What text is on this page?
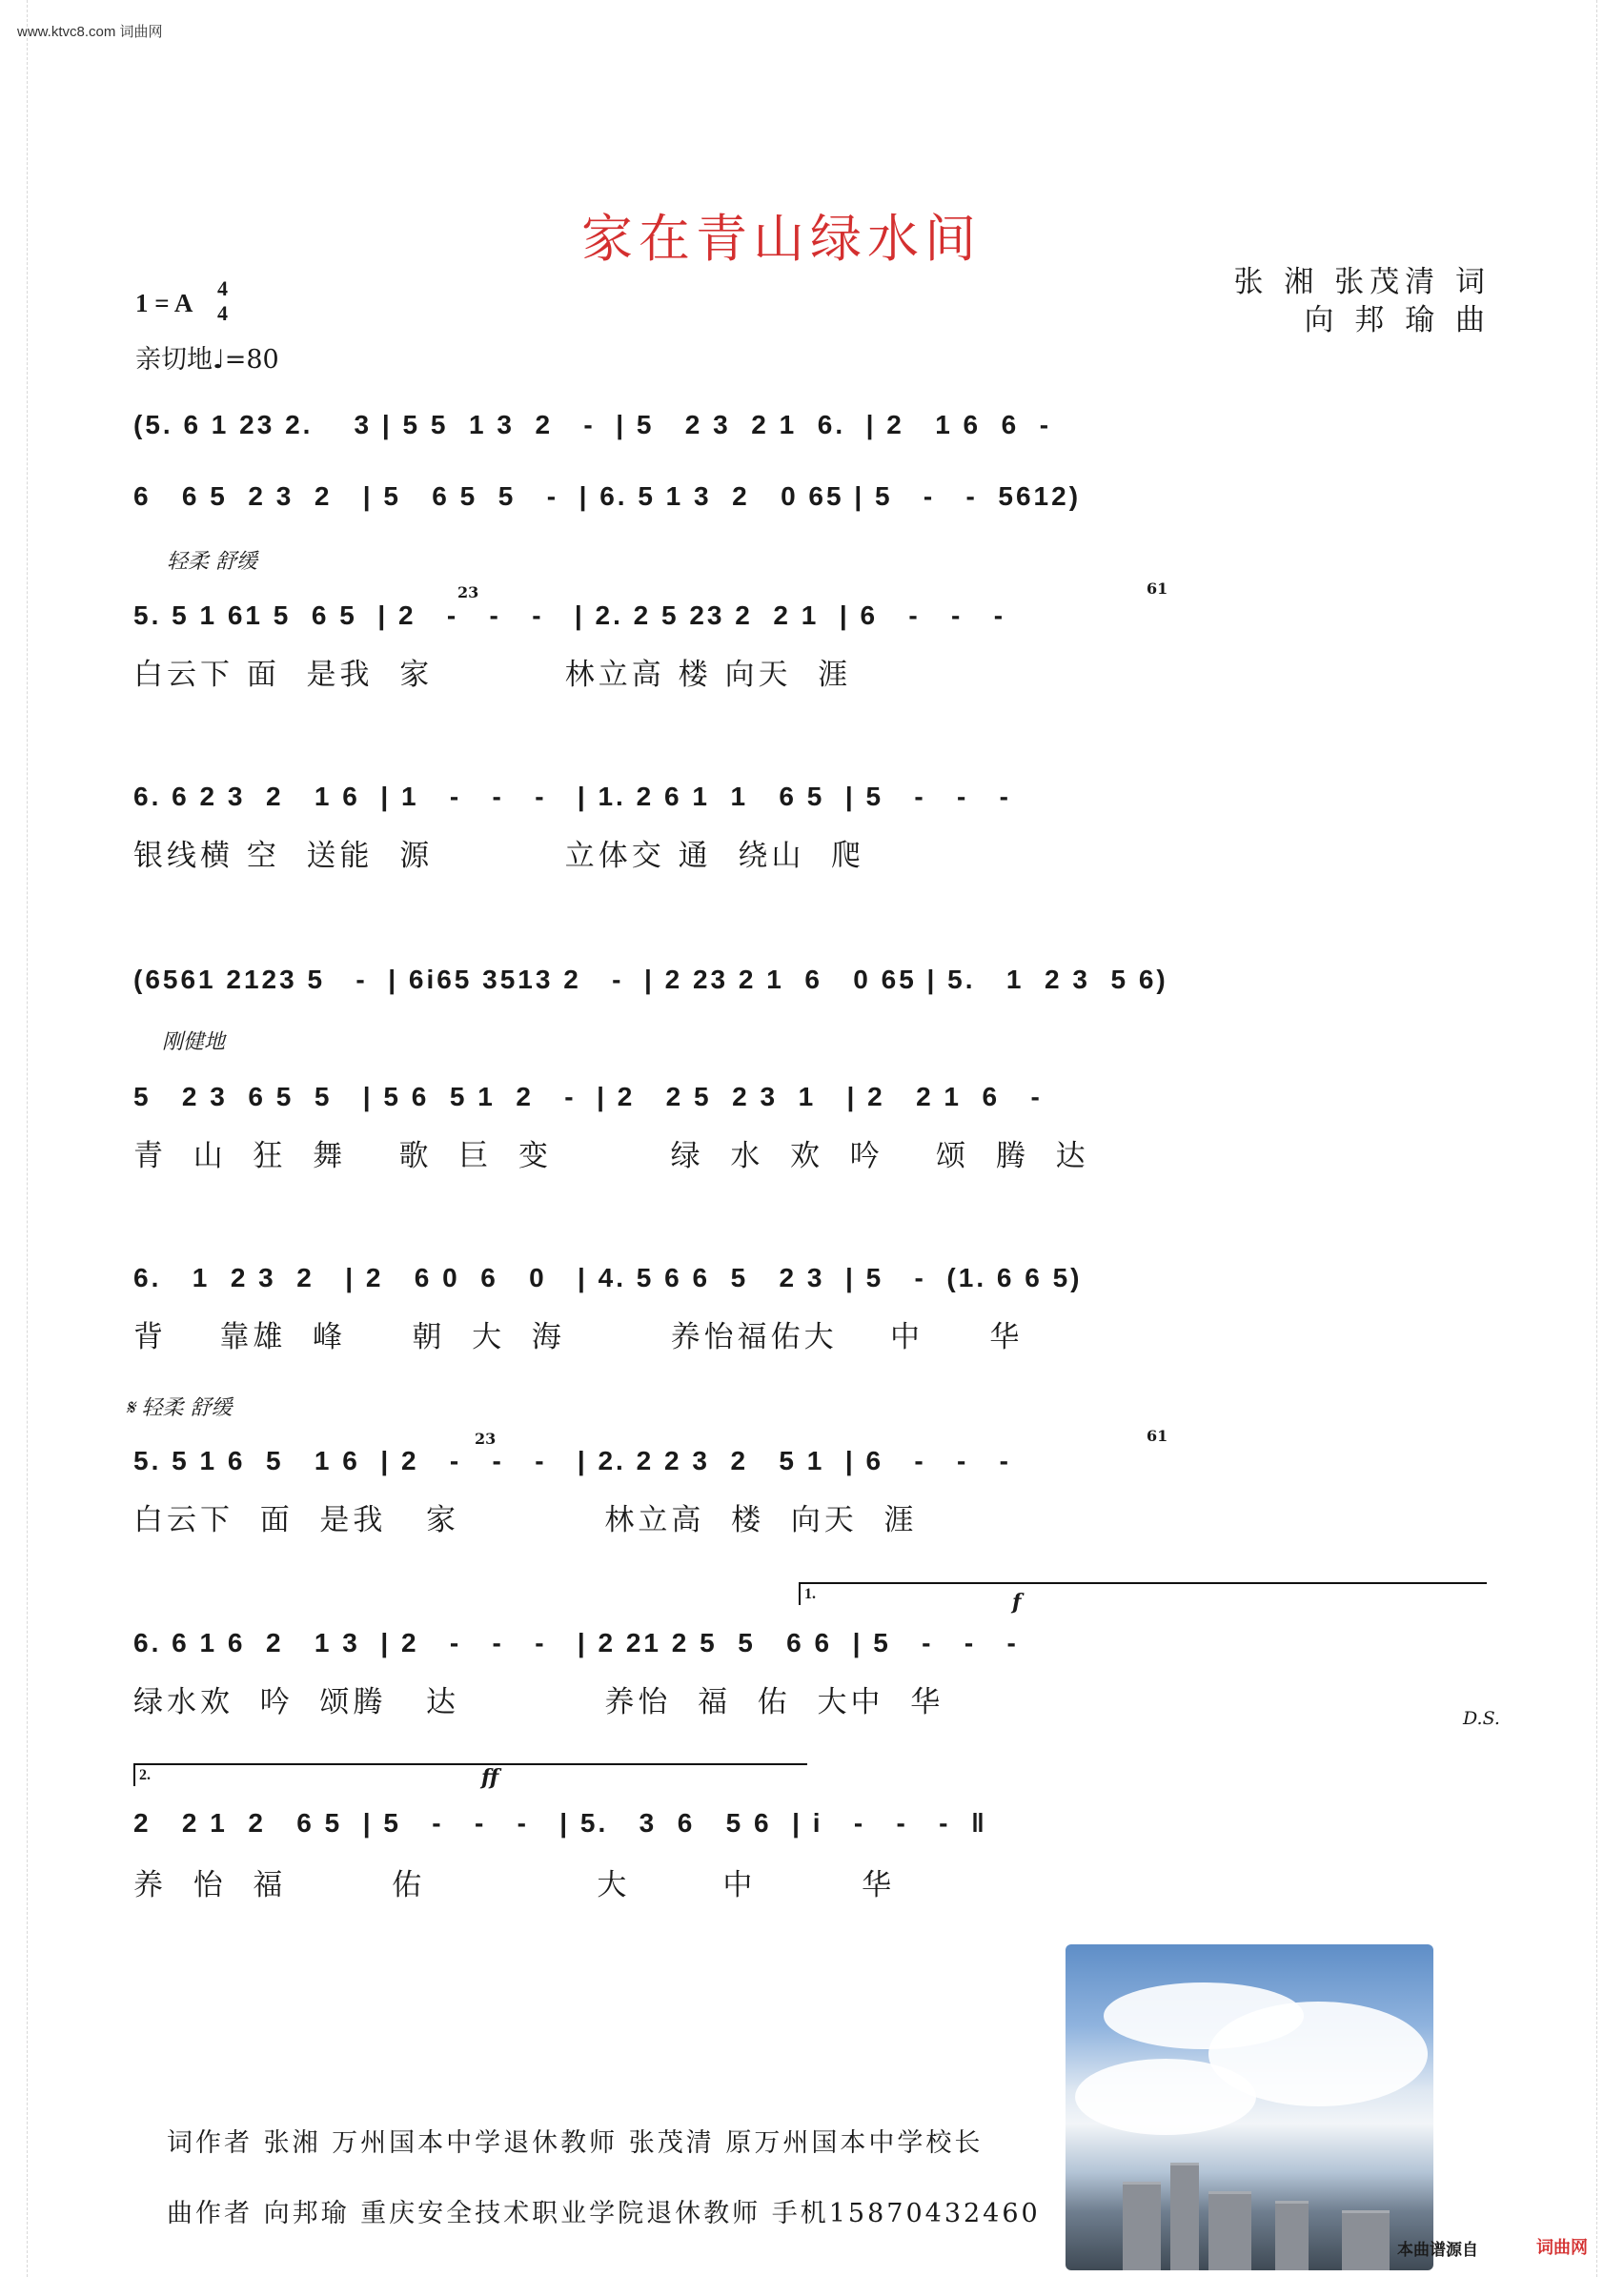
www.ktvc8.com 词曲网
家在青山绿水间
张 湘 张茂清 词
向 邦 瑜 曲
1 = A
4
4
亲切地♩=80
(5. 6 1 23 2.    3 | 5 5  1 3  2   -  | 5   2 3  2 1  6.  | 2   1 6  6  -
6   6 5  2 3  2   | 5   6 5  5   -  | 6. 5 1 3  2   0 65 | 5   -   -  5612)
轻柔 舒缓
23	61
5. 5 1 61 5  6 5  | 2   -   -   -   | 2. 2 5 23 2  2 1  | 6   -   -   -
白云下 面  是我  家          林立高 楼 向天  涯
6. 6 2 3  2   1 6  | 1   -   -   -   | 1. 2 6 1  1   6 5  | 5   -   -   -
银线横 空  送能  源          立体交 通  绕山  爬
(6561 2123 5   -  | 6i65 3513 2   -  | 2 23 2 1  6   0 65 | 5.   1  2 3  5 6)
刚健地
5   2 3  6 5  5   | 5 6  5 1  2   -  | 2   2 5  2 3  1   | 2   2 1  6   -
青  山  狂  舞    歌  巨  变         绿  水  欢  吟    颂  腾  达
6.   1  2 3  2   | 2   6 0  6   0   | 4. 5 6 6  5   2 3  | 5   -  (1. 6 6 5)
背    靠雄  峰     朝  大  海        养怡福佑大    中     华
𝄋 轻柔 舒缓
23	61
5. 5 1 6  5   1 6  | 2   -   -   -   | 2. 2 2 3  2   5 1  | 6   -   -   -
白云下  面  是我   家           林立高  楼  向天  涯
1.	f
6. 6 1 6  2   1 3  | 2   -   -   -   | 2 21 2 5  5   6 6  | 5   -   -   -
绿水欢  吟  颂腾   达           养怡  福  佑  大中  华	D.S.
2.	ff
2   2 1  2   6 5  | 5   -   -   -   | 5.   3  6   5 6  | i   -   -   -  ‖
养  怡  福        佑             大       中        华
词作者 张湘 万州国本中学退休教师 张茂清 原万州国本中学校长
曲作者 向邦瑜 重庆安全技术职业学院退休教师 手机15870432460
本曲谱源自	词曲网
